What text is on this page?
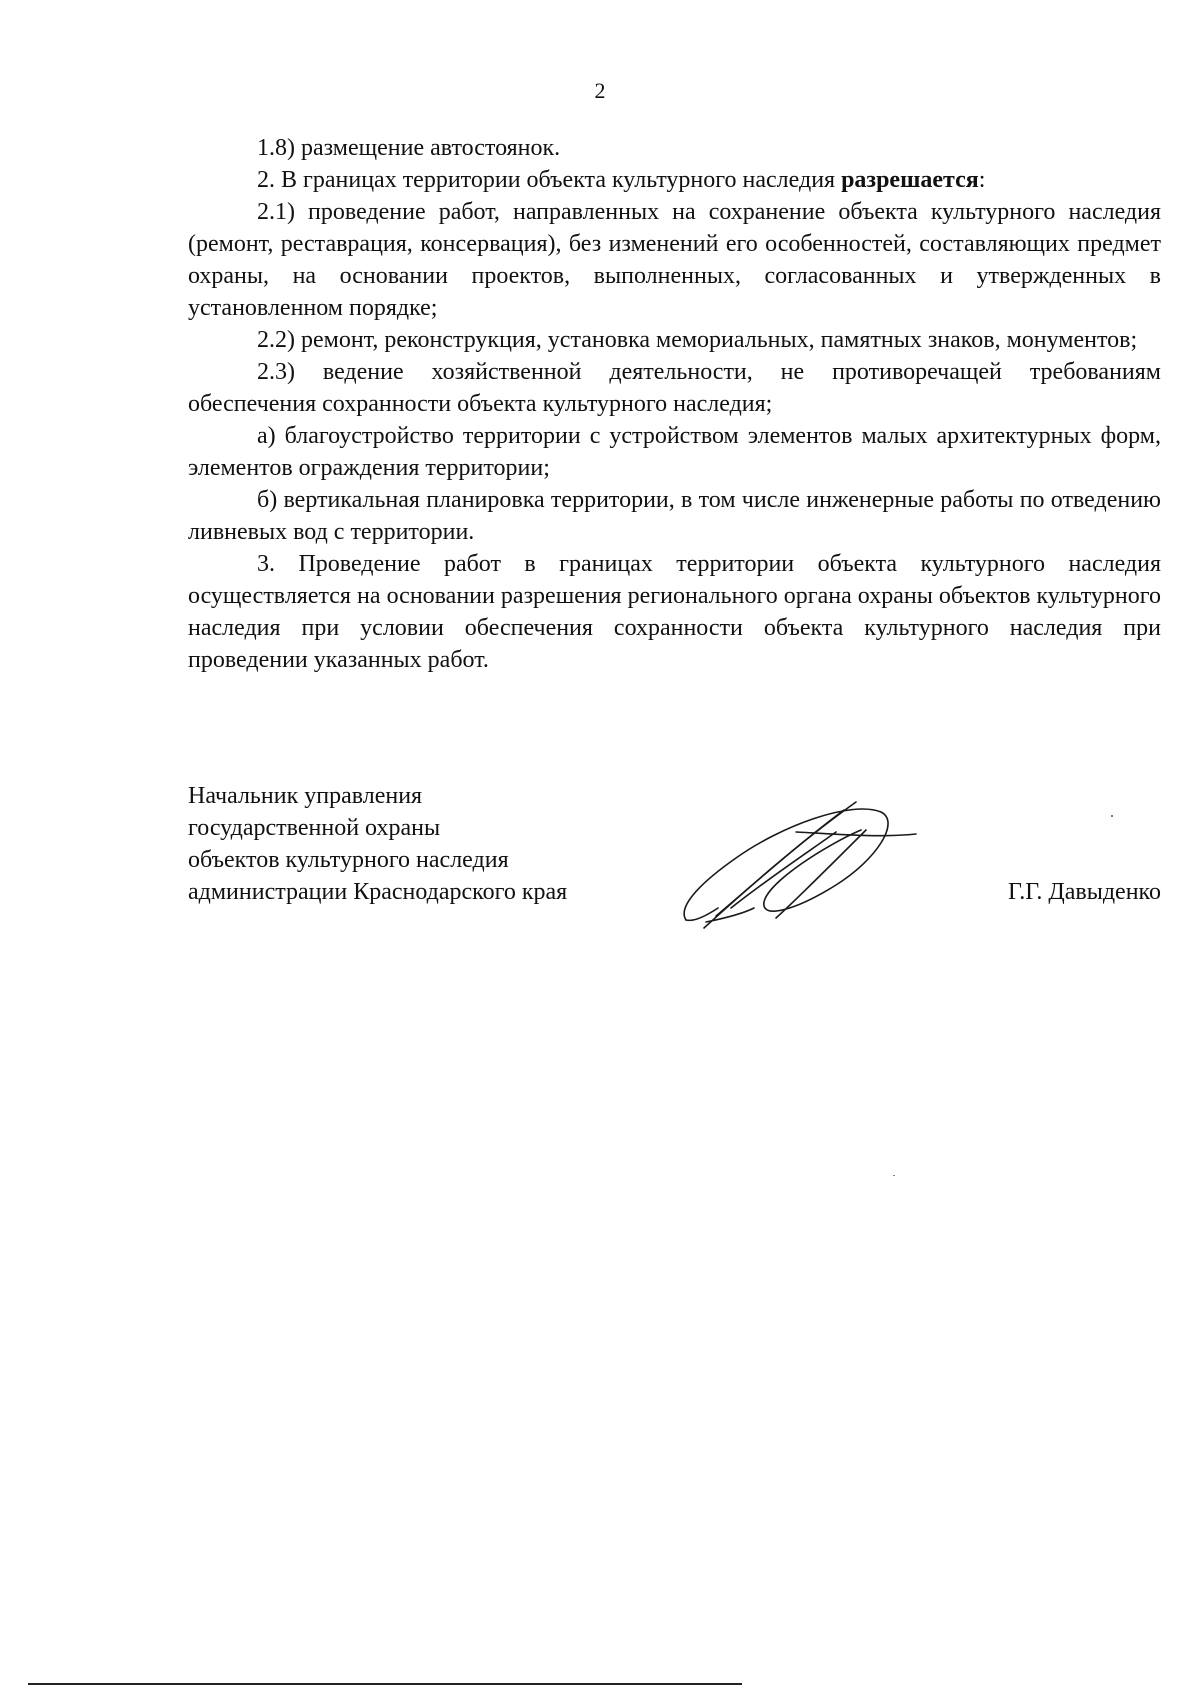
2

1.8) размещение автостоянок.

2. В границах территории объекта культурного наследия разрешается:

2.1) проведение работ, направленных на сохранение объекта культурного наследия (ремонт, реставрация, консервация), без изменений его особенностей, составляющих предмет охраны, на основании проектов, выполненных, согласованных и утвержденных в установленном порядке;

2.2) ремонт, реконструкция, установка мемориальных, памятных знаков, монументов;

2.3) ведение хозяйственной деятельности, не противоречащей требованиям обеспечения сохранности объекта культурного наследия;

а) благоустройство территории с устройством элементов малых архитектурных форм, элементов ограждения территории;

б) вертикальная планировка территории, в том числе инженерные работы по отведению ливневых вод с территории.

3. Проведение работ в границах территории объекта культурного наследия осуществляется на основании разрешения регионального органа охраны объектов культурного наследия при условии обеспечения сохранности объекта культурного наследия при проведении указанных работ.

Начальник управления
государственной охраны
объектов культурного наследия
администрации Краснодарского края	Г.Г. Давыденко
